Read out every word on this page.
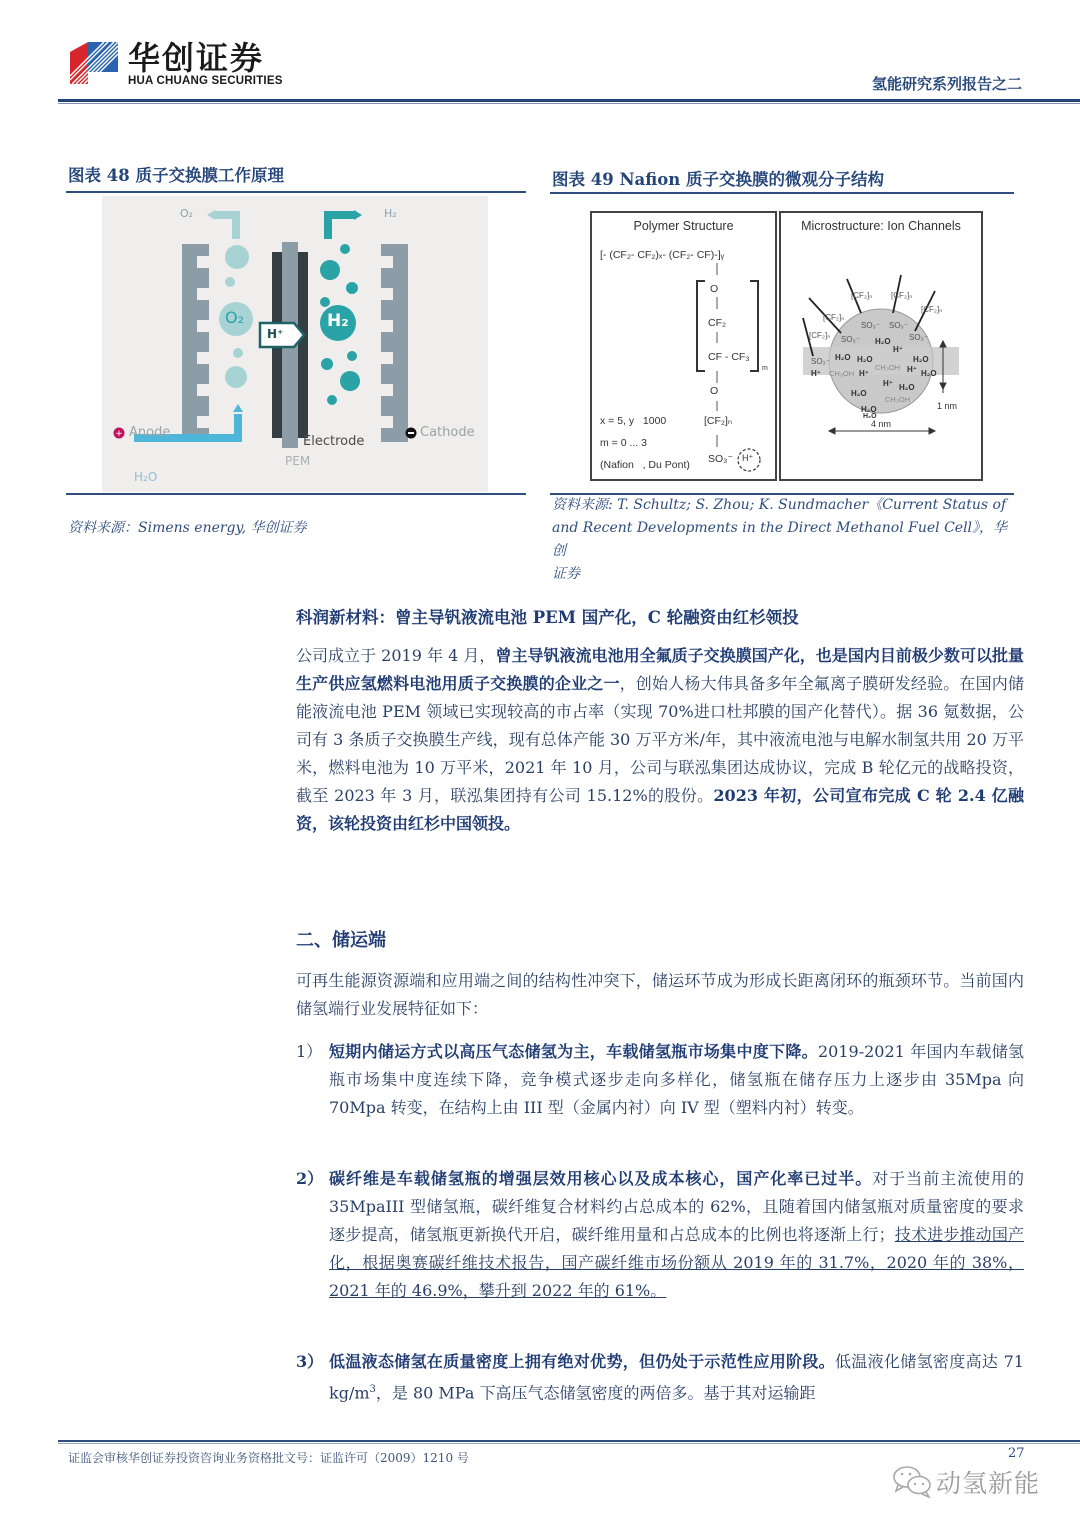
华创证券
HUA CHUANG SECURITIES	氢能研究系列报告之二
图表 48 质子交换膜工作原理
+
O₂	H₂
O₂	H₂
H⁺
Anode	Cathode
Electrode
PEM
H₂O
资料来源：Simens energy, 华创证券
图表 49 Nafion 质子交换膜的微观分子结构
Polymer Structure
[- (CF₂- CF₂)ₓ- (CF₂- CF)-]ᵧ
O
CF₂
CF - CF₃
m
O
[CF₂]ₙ
SO₃⁻ H⁺
x = 5, y   1000
m = 0 ... 3
(Nafion   , Du Pont)
Microstructure: Ion Channels
[CF₂]ₙ [CF₂]ₙ
[CF₂]ₙ
[CF₂]ₙ
[CF₂]ₙ
SO₃⁻ SO₃⁻
SO₃⁻
SO₃⁻
SO₃⁻
H₂O
H⁺
H₂O H₂O	H₂O
H⁺ CH₃OH H⁺
CH₃OH H⁺ H₂O
H⁺ H₂O
H₂O
CH₃OH
H₂O
H₂O
4 nm
1 nm
资料来源: T. Schultz; S. Zhou; K. Sundmacher《Current Status of
and Recent Developments in the Direct Methanol Fuel Cell》，华创
证券
科润新材料：曾主导钒液流电池 PEM 国产化，C 轮融资由红杉领投
公司成立于 2019 年 4 月，曾主导钒液流电池用全氟质子交换膜国产化，也是国内目前极少数可以批量生产供应氢燃料电池用质子交换膜的企业之一，创始人杨大伟具备多年全氟离子膜研发经验。在国内储能液流电池 PEM 领域已实现较高的市占率（实现 70%进口杜邦膜的国产化替代）。据 36 氪数据，公司有 3 条质子交换膜生产线，现有总体产能 30 万平方米/年，其中液流电池与电解水制氢共用 20 万平米，燃料电池为 10 万平米，2021 年 10 月，公司与联泓集团达成协议，完成 B 轮亿元的战略投资，截至 2023 年 3 月，联泓集团持有公司 15.12%的股份。2023 年初，公司宣布完成 C 轮 2.4 亿融资，该轮投资由红杉中国领投。
二、储运端
可再生能源资源端和应用端之间的结构性冲突下，储运环节成为形成长距离闭环的瓶颈环节。当前国内储氢端行业发展特征如下：
1） 短期内储运方式以高压气态储氢为主，车载储氢瓶市场集中度下降。2019-2021 年国内车载储氢瓶市场集中度连续下降，竞争模式逐步走向多样化，储氢瓶在储存压力上逐步由 35Mpa 向 70Mpa 转变，在结构上由 III 型（金属内衬）向 IV 型（塑料内衬）转变。
2） 碳纤维是车载储氢瓶的增强层效用核心以及成本核心，国产化率已过半。对于当前主流使用的 35MpaIII 型储氢瓶，碳纤维复合材料约占总成本的 62%，且随着国内储氢瓶对质量密度的要求逐步提高，储氢瓶更新换代开启，碳纤维用量和占总成本的比例也将逐渐上行；技术进步推动国产化，根据奥赛碳纤维技术报告，国产碳纤维市场份额从 2019 年的 31.7%，2020 年的 38%，2021 年的 46.9%，攀升到 2022 年的 61%。
3） 低温液态储氢在质量密度上拥有绝对优势，但仍处于示范性应用阶段。低温液化储氢密度高达 71 $kg/m^3$，是 80 MPa 下高压气态储氢密度的两倍多。基于其对运输距
证监会审核华创证券投资咨询业务资格批文号：证监许可（2009）1210 号	27
动氢新能
